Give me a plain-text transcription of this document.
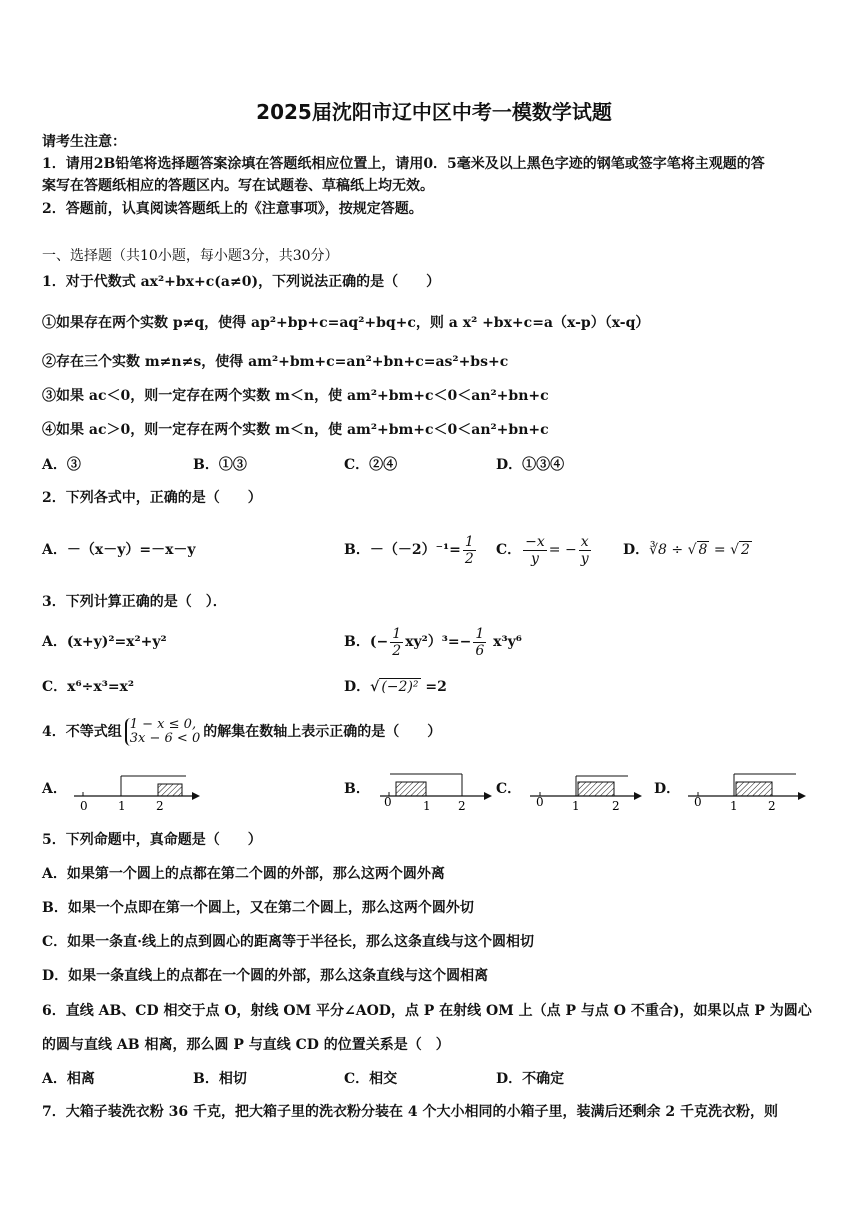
2025届沈阳市辽中区中考一模数学试题
请考生注意：
1．请用2B铅笔将选择题答案涂填在答题纸相应位置上，请用0．5毫米及以上黑色字迹的钢笔或签字笔将主观题的答
案写在答题纸相应的答题区内。写在试题卷、草稿纸上均无效。
2．答题前，认真阅读答题纸上的《注意事项》，按规定答题。
一、选择题（共10小题，每小题3分，共30分）
1．对于代数式 ax²+bx+c(a≠0)，下列说法正确的是（　　）
①如果存在两个实数 p≠q，使得 ap²+bp+c=aq²+bq+c，则 a x² +bx+c=a（x-p）（x-q）
②存在三个实数 m≠n≠s，使得 am²+bm+c=an²+bn+c=as²+bs+c
③如果 ac＜0，则一定存在两个实数 m＜n，使 am²+bm+c＜0＜an²+bn+c
④如果 ac＞0，则一定存在两个实数 m＜n，使 am²+bm+c＜0＜an²+bn+c
A．③	B．①③	C．②④	D．①③④
2．下列各式中，正确的是（　　）
A．－（x－y）=－x－y	B．$-(-2)^{-1}= \frac{1}{2}$ C． $\frac{-x}{y}$ = − $\frac{x}{y}$ D．∛8 ÷ √ 8 = √ 2
3．下列计算正确的是（　）．
A．(x+y)²=x²+y²	B．(− $\frac{1}{2} xy^2)^3=- \frac{1}{6} x^3y^6$
C．x⁶÷x³=x²	D．√ (−2)² =2
4．不等式组 1 − x ≤ 0,
3x − 6 < 0 的解集在数轴上表示正确的是（　　）
A．	B．	C．	D．
0	1	2	0	1 2	0 1	2	0 1	2
5．下列命题中，真命题是（　　）
A．如果第一个圆上的点都在第二个圆的外部，那么这两个圆外离
B．如果一个点即在第一个圆上，又在第二个圆上，那么这两个圆外切
C．如果一条直·线上的点到圆心的距离等于半径长，那么这条直线与这个圆相切
D．如果一条直线上的点都在一个圆的外部，那么这条直线与这个圆相离
6．直线 AB、CD 相交于点 O，射线 OM 平分∠AOD，点 P 在射线 OM 上（点 P 与点 O 不重合)，如果以点 P 为圆心
的圆与直线 AB 相离，那么圆 P 与直线 CD 的位置关系是（　）
A．相离	B．相切	C．相交	D．不确定
7．大箱子装洗衣粉 36 千克，把大箱子里的洗衣粉分装在 4 个大小相同的小箱子里，装满后还剩余 2 千克洗衣粉，则
